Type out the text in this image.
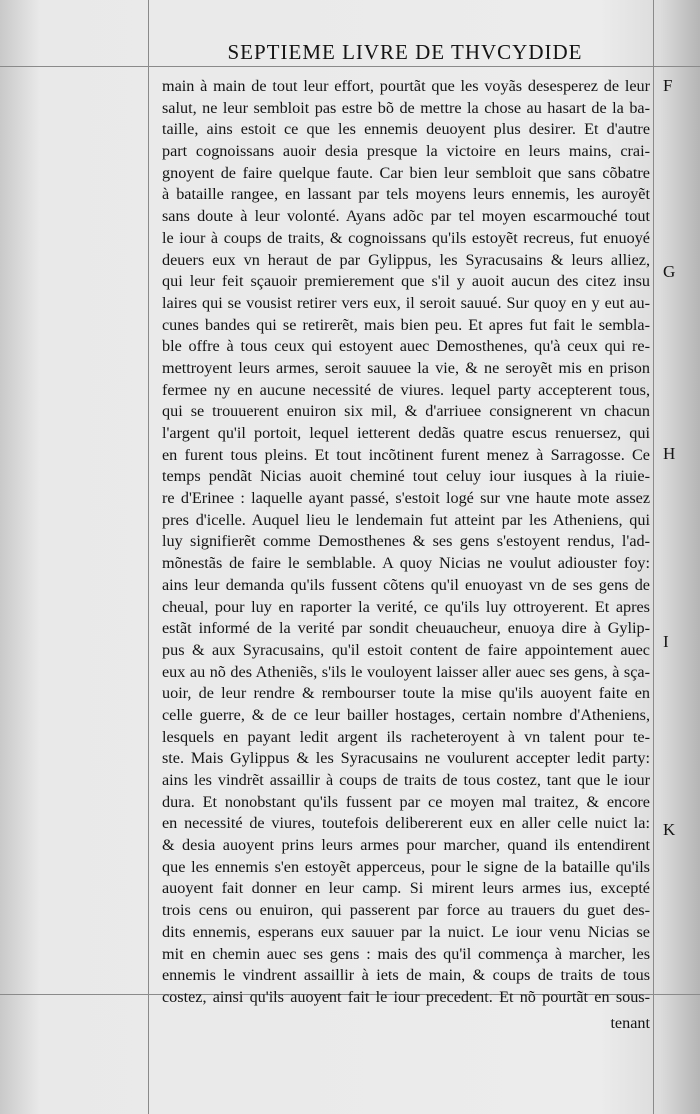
SEPTIEME LIVRE DE THVCYDIDE
main à main de tout leur effort, pourtãt que les voyãs desesperez de leur
salut, ne leur sembloit pas estre bõ de mettre la chose au hasart de la ba-
taille, ains estoit ce que les ennemis deuoyent plus desirer. Et d'autre
part cognoissans auoir desia presque la victoire en leurs mains, crai-
gnoyent de faire quelque faute. Car bien leur sembloit que sans cõbatre
à bataille rangee, en lassant par tels moyens leurs ennemis, les auroyẽt
sans doute à leur volonté. Ayans adõc par tel moyen escarmouché tout
le iour à coups de traits, & cognoissans qu'ils estoyẽt recreus, fut enuoyé
deuers eux vn heraut de par Gylippus, les Syracusains & leurs alliez,
qui leur feit sçauoir premierement que s'il y auoit aucun des citez insu
laires qui se vousist retirer vers eux, il seroit sauué. Sur quoy en y eut au-
cunes bandes qui se retirerẽt, mais bien peu. Et apres fut fait le sembla-
ble offre à tous ceux qui estoyent auec Demosthenes, qu'à ceux qui re-
mettroyent leurs armes, seroit sauuee la vie, & ne seroyẽt mis en prison
fermee ny en aucune necessité de viures. lequel party accepterent tous,
qui se trouuerent enuiron six mil, & d'arriuee consignerent vn chacun
l'argent qu'il portoit, lequel ietterent dedãs quatre escus renuersez, qui
en furent tous pleins. Et tout incõtinent furent menez à Sarragosse. Ce
temps pendãt Nicias auoit cheminé tout celuy iour iusques à la riuie-
re d'Erinee : laquelle ayant passé, s'estoit logé sur vne haute mote assez
pres d'icelle. Auquel lieu le lendemain fut atteint par les Atheniens, qui
luy signifierẽt comme Demosthenes & ses gens s'estoyent rendus, l'ad-
mõnestãs de faire le semblable. A quoy Nicias ne voulut adiouster foy:
ains leur demanda qu'ils fussent cõtens qu'il enuoyast vn de ses gens de
cheual, pour luy en raporter la verité, ce qu'ils luy ottroyerent. Et apres
estãt informé de la verité par sondit cheuaucheur, enuoya dire à Gylip-
pus & aux Syracusains, qu'il estoit content de faire appointement auec
eux au nõ des Atheniẽs, s'ils le vouloyent laisser aller auec ses gens, à sça-
uoir, de leur rendre & rembourser toute la mise qu'ils auoyent faite en
celle guerre, & de ce leur bailler hostages, certain nombre d'Atheniens,
lesquels en payant ledit argent ils racheteroyent à vn talent pour te-
ste. Mais Gylippus & les Syracusains ne voulurent accepter ledit party:
ains les vindrẽt assaillir à coups de traits de tous costez, tant que le iour
dura. Et nonobstant qu'ils fussent par ce moyen mal traitez, & encore
en necessité de viures, toutefois delibererent eux en aller celle nuict la:
& desia auoyent prins leurs armes pour marcher, quand ils entendirent
que les ennemis s'en estoyẽt apperceus, pour le signe de la bataille qu'ils
auoyent fait donner en leur camp. Si mirent leurs armes ius, excepté
trois cens ou enuiron, qui passerent par force au trauers du guet des-
dits ennemis, esperans eux sauuer par la nuict. Le iour venu Nicias se
mit en chemin auec ses gens : mais des qu'il commença à marcher, les
ennemis le vindrent assaillir à iets de main, & coups de traits de tous
costez, ainsi qu'ils auoyent fait le iour precedent. Et nõ pourtãt en sous-
tenant
F
G
H
I
K
